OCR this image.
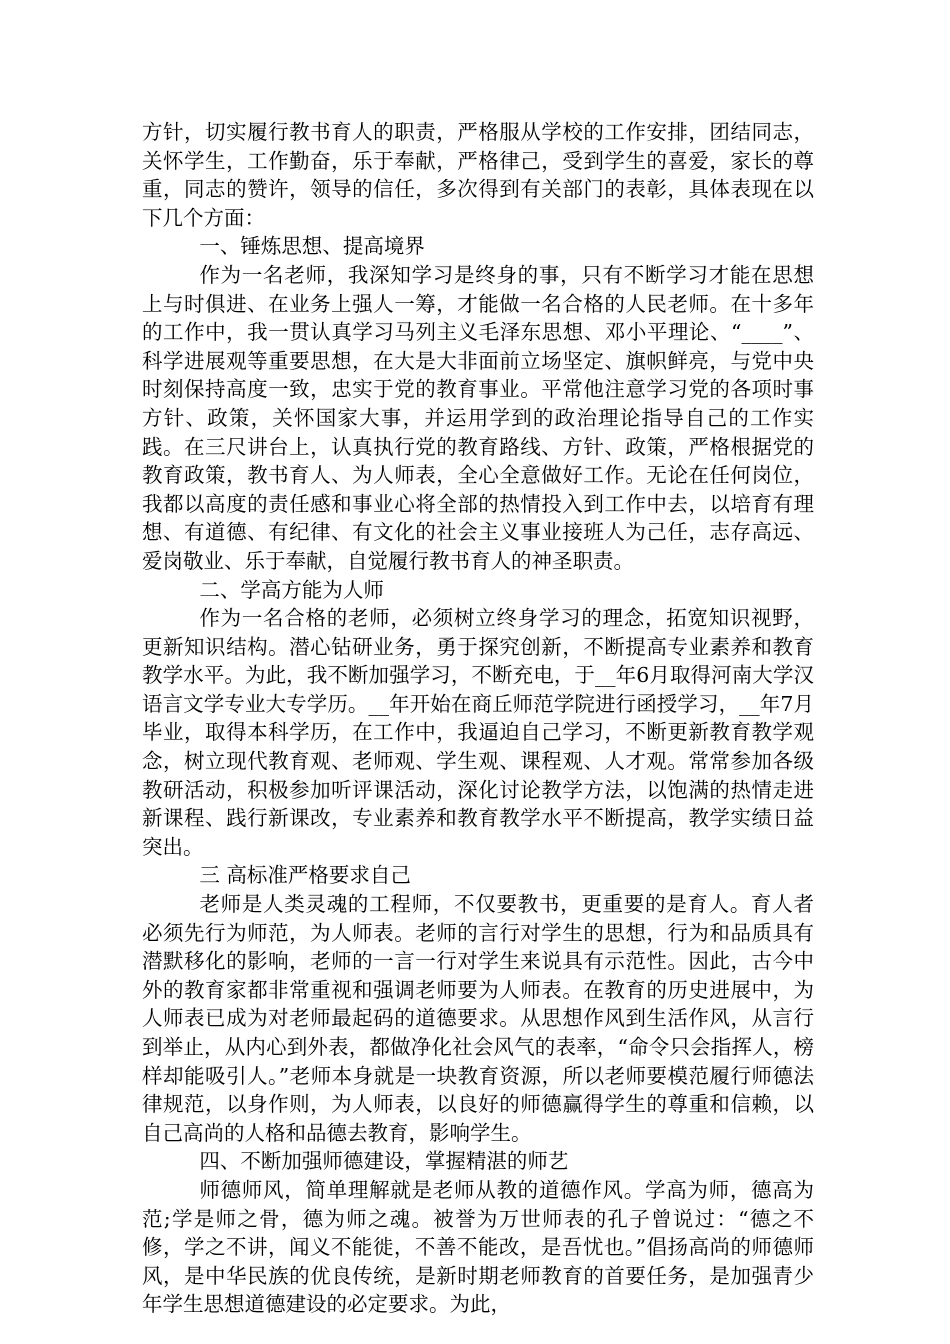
方针，切实履行教书育人的职责，严格服从学校的工作安排，团结同志，关怀学生，工作勤奋，乐于奉献，严格律己，受到学生的喜爱，家长的尊重，同志的赞许，领导的信任，多次得到有关部门的表彰，具体表现在以下几个方面：

一、锤炼思想、提高境界

作为一名老师，我深知学习是终身的事，只有不断学习才能在思想上与时俱进、在业务上强人一筹，才能做一名合格的人民老师。在十多年的工作中，我一贯认真学习马列主义毛泽东思想、邓小平理论、“____”、科学进展观等重要思想，在大是大非面前立场坚定、旗帜鲜亮，与党中央时刻保持高度一致，忠实于党的教育事业。平常他注意学习党的各项时事方针、政策，关怀国家大事，并运用学到的政治理论指导自己的工作实践。在三尺讲台上，认真执行党的教育路线、方针、政策，严格根据党的教育政策，教书育人、为人师表，全心全意做好工作。无论在任何岗位，我都以高度的责任感和事业心将全部的热情投入到工作中去，以培育有理想、有道德、有纪律、有文化的社会主义事业接班人为己任，志存高远、爱岗敬业、乐于奉献，自觉履行教书育人的神圣职责。

二、学高方能为人师

作为一名合格的老师，必须树立终身学习的理念，拓宽知识视野，更新知识结构。潜心钻研业务，勇于探究创新，不断提高专业素养和教育教学水平。为此，我不断加强学习，不断充电，于__年6月取得河南大学汉语言文学专业大专学历。__年开始在商丘师范学院进行函授学习，__年7月毕业，取得本科学历，在工作中，我逼迫自己学习，不断更新教育教学观念，树立现代教育观、老师观、学生观、课程观、人才观。常常参加各级教研活动，积极参加听评课活动，深化讨论教学方法，以饱满的热情走进新课程、践行新课改，专业素养和教育教学水平不断提高，教学实绩日益突出。

三 高标准严格要求自己

老师是人类灵魂的工程师，不仅要教书，更重要的是育人。育人者必须先行为师范，为人师表。老师的言行对学生的思想，行为和品质具有潜默移化的影响，老师的一言一行对学生来说具有示范性。因此，古今中外的教育家都非常重视和强调老师要为人师表。在教育的历史进展中，为人师表已成为对老师最起码的道德要求。从思想作风到生活作风，从言行到举止，从内心到外表，都做净化社会风气的表率，“命令只会指挥人，榜样却能吸引人。”老师本身就是一块教育资源，所以老师要模范履行师德法律规范，以身作则，为人师表，以良好的师德赢得学生的尊重和信赖，以自己高尚的人格和品德去教育，影响学生。

四、不断加强师德建设，掌握精湛的师艺

师德师风，简单理解就是老师从教的道德作风。学高为师，德高为范;学是师之骨，德为师之魂。被誉为万世师表的孔子曾说过：“德之不修，学之不讲，闻义不能徙，不善不能改，是吾忧也。”倡扬高尚的师德师风，是中华民族的优良传统，是新时期老师教育的首要任务，是加强青少年学生思想道德建设的必定要求。为此，
